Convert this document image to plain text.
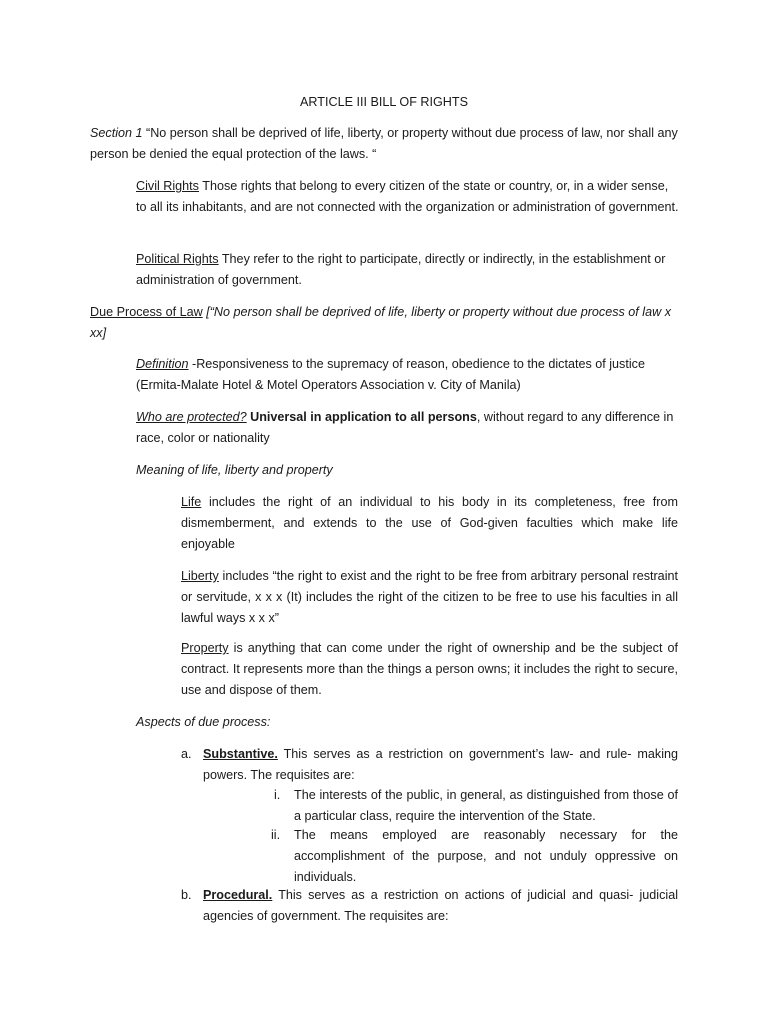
ARTICLE III BILL OF RIGHTS

Section 1 “No person shall be deprived of life, liberty, or property without due process of law, nor shall any person be denied the equal protection of the laws. “

Civil Rights Those rights that belong to every citizen of the state or country, or, in a wider sense, to all its inhabitants, and are not connected with the organization or administration of government.

Political Rights They refer to the right to participate, directly or indirectly, in the establishment or administration of government.

Due Process of Law [“No person shall be deprived of life, liberty or property without due process of law x xx]

Definition -Responsiveness to the supremacy of reason, obedience to the dictates of justice (Ermita-Malate Hotel & Motel Operators Association v. City of Manila)

Who are protected? Universal in application to all persons, without regard to any difference in race, color or nationality

Meaning of life, liberty and property

Life includes the right of an individual to his body in its completeness, free from dismemberment, and extends to the use of God-given faculties which make life enjoyable

Liberty includes “the right to exist and the right to be free from arbitrary personal restraint or servitude, x x x (It) includes the right of the citizen to be free to use his faculties in all lawful ways x x x”

Property is anything that can come under the right of ownership and be the subject of contract. It represents more than the things a person owns; it includes the right to secure, use and dispose of them.

Aspects of due process:

a. Substantive. This serves as a restriction on government’s law- and rule- making powers. The requisites are:

i. The interests of the public, in general, as distinguished from those of a particular class, require the intervention of the State.

ii. The means employed are reasonably necessary for the accomplishment of the purpose, and not unduly oppressive on individuals.

b. Procedural. This serves as a restriction on actions of judicial and quasi- judicial agencies of government. The requisites are:
